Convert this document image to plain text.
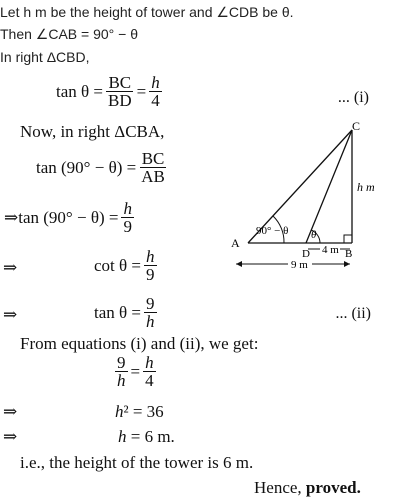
Let h m be the height of tower and ∠CDB be θ.
Then ∠CAB = 90° − θ
In right ΔCBD,
$\tan \theta = \frac{BC}{BD} = \frac{h}{4}$	... (i)
Now, in right ΔCBA,
$\tan (90^\circ - \theta) = \frac{BC}{AB}$
⇒ $\tan (90^\circ - \theta) = \frac{h}{9}$
⇒	$\cot \theta = \frac{h}{9}$
⇒	$\tan \theta = \frac{9}{h}$	... (ii)
From equations (i) and (ii), we get:
$\frac{9}{h} = \frac{h}{4}$
⇒	h² = 36
⇒	h = 6 m.
i.e., the height of the tower is 6 m.
Hence, proved.
C
A
D	B
90° − θ θ
h m
4 m
9 m
